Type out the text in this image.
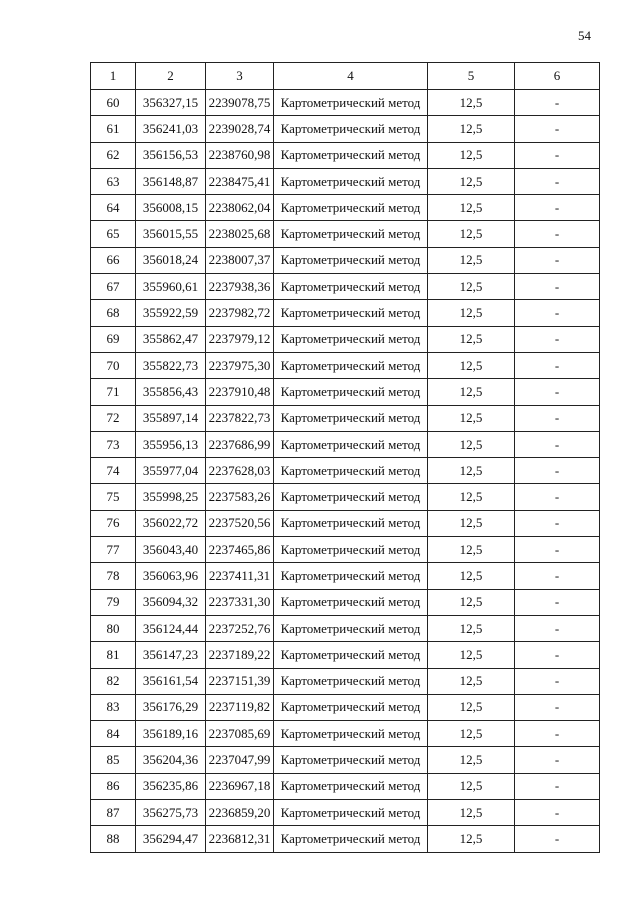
54
1	2	3	4	5	6
60	356327,15	2239078,75	Картометрический метод	12,5	-
61	356241,03	2239028,74	Картометрический метод	12,5	-
62	356156,53	2238760,98	Картометрический метод	12,5	-
63	356148,87	2238475,41	Картометрический метод	12,5	-
64	356008,15	2238062,04	Картометрический метод	12,5	-
65	356015,55	2238025,68	Картометрический метод	12,5	-
66	356018,24	2238007,37	Картометрический метод	12,5	-
67	355960,61	2237938,36	Картометрический метод	12,5	-
68	355922,59	2237982,72	Картометрический метод	12,5	-
69	355862,47	2237979,12	Картометрический метод	12,5	-
70	355822,73	2237975,30	Картометрический метод	12,5	-
71	355856,43	2237910,48	Картометрический метод	12,5	-
72	355897,14	2237822,73	Картометрический метод	12,5	-
73	355956,13	2237686,99	Картометрический метод	12,5	-
74	355977,04	2237628,03	Картометрический метод	12,5	-
75	355998,25	2237583,26	Картометрический метод	12,5	-
76	356022,72	2237520,56	Картометрический метод	12,5	-
77	356043,40	2237465,86	Картометрический метод	12,5	-
78	356063,96	2237411,31	Картометрический метод	12,5	-
79	356094,32	2237331,30	Картометрический метод	12,5	-
80	356124,44	2237252,76	Картометрический метод	12,5	-
81	356147,23	2237189,22	Картометрический метод	12,5	-
82	356161,54	2237151,39	Картометрический метод	12,5	-
83	356176,29	2237119,82	Картометрический метод	12,5	-
84	356189,16	2237085,69	Картометрический метод	12,5	-
85	356204,36	2237047,99	Картометрический метод	12,5	-
86	356235,86	2236967,18	Картометрический метод	12,5	-
87	356275,73	2236859,20	Картометрический метод	12,5	-
88	356294,47	2236812,31	Картометрический метод	12,5	-
